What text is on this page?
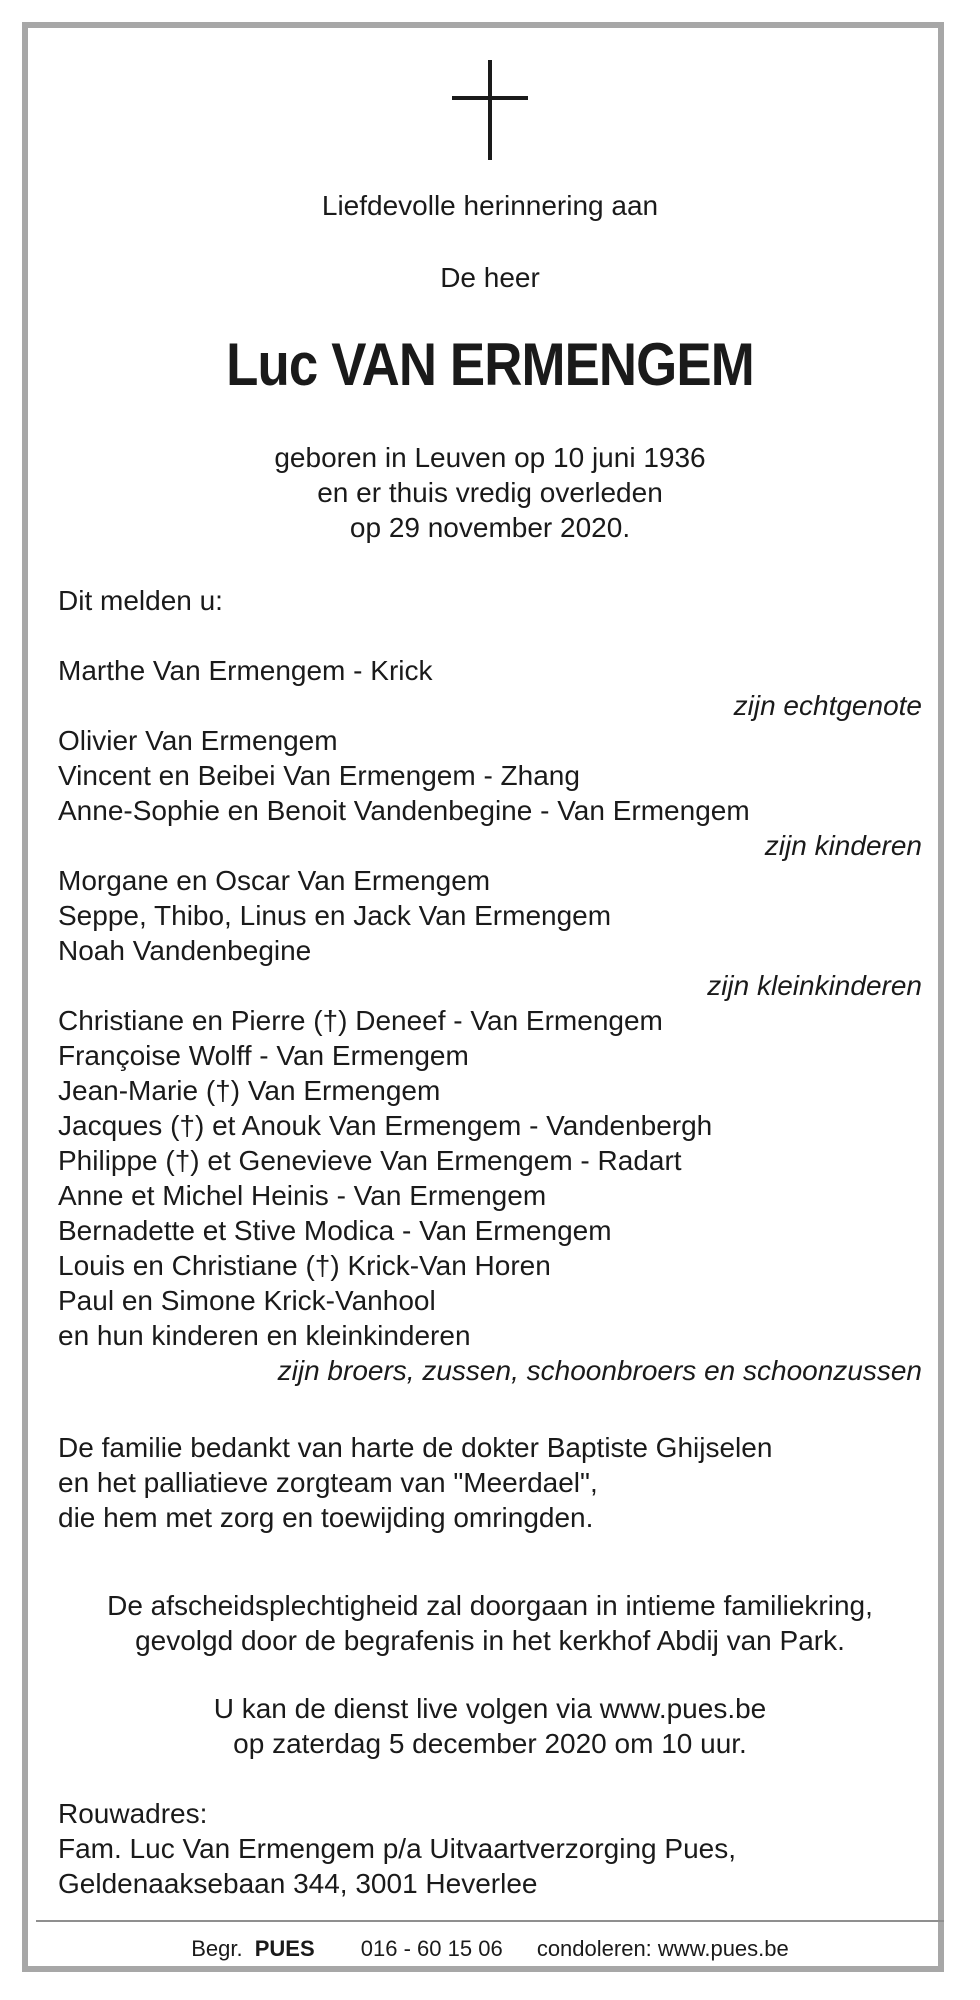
Liefdevolle herinnering aan
De heer
Luc VAN ERMENGEM
geboren in Leuven op 10 juni 1936
en er thuis vredig overleden
op 29 november 2020.
Dit melden u:
Marthe Van Ermengem - Krick
zijn echtgenote
Olivier Van Ermengem
Vincent en Beibei Van Ermengem - Zhang
Anne-Sophie en Benoit Vandenbegine - Van Ermengem
zijn kinderen
Morgane en Oscar Van Ermengem
Seppe, Thibo, Linus en Jack Van Ermengem
Noah Vandenbegine
zijn kleinkinderen
Christiane en Pierre (†) Deneef - Van Ermengem
Françoise Wolff - Van Ermengem
Jean-Marie (†) Van Ermengem
Jacques (†) et Anouk Van Ermengem - Vandenbergh
Philippe (†) et Genevieve Van Ermengem - Radart
Anne et Michel Heinis - Van Ermengem
Bernadette et Stive Modica - Van Ermengem
Louis en Christiane (†) Krick-Van Horen
Paul en Simone Krick-Vanhool
en hun kinderen en kleinkinderen
zijn broers, zussen, schoonbroers en schoonzussen
De familie bedankt van harte de dokter Baptiste Ghijselen
en het palliatieve zorgteam van "Meerdael",
die hem met zorg en toewijding omringden.
De afscheidsplechtigheid zal doorgaan in intieme familiekring,
gevolgd door de begrafenis in het kerkhof Abdij van Park.
U kan de dienst live volgen via www.pues.be
op zaterdag 5 december 2020 om 10 uur.
Rouwadres:
Fam. Luc Van Ermengem p/a Uitvaartverzorging Pues,
Geldenaaksebaan 344, 3001 Heverlee
Begr. PUES 016 - 60 15 06 condoleren: www.pues.be
